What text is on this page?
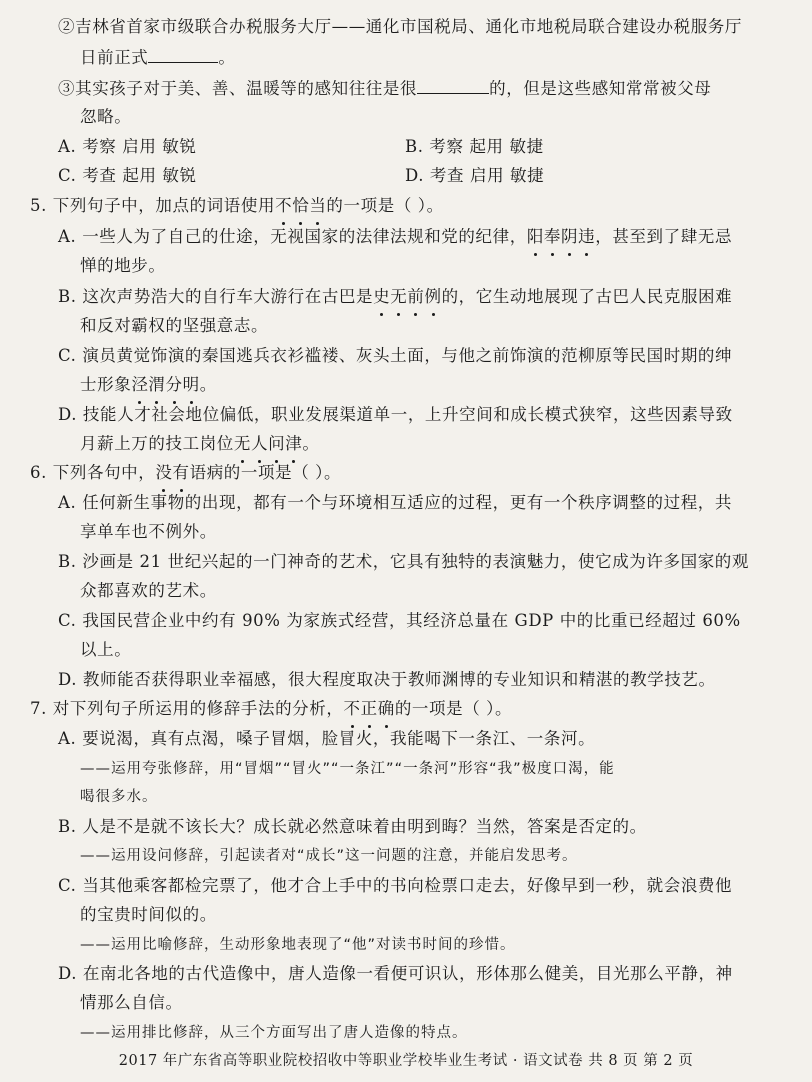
②吉林省首家市级联合办税服务大厅——通化市国税局、通化市地税局联合建设办税服务厅
日前正式	。
③其实孩子对于美、善、温暖等的感知往往是很	的，但是这些感知常常被父母
忽略。
A. 考察 启用 敏锐	B. 考察 起用 敏捷
C. 考查 起用 敏锐	D. 考查 启用 敏捷
5. 下列句子中，加点的词语使用不恰当的一项是（ ）。
A. 一些人为了自己的仕途，无视国家的法律法规和党的纪律，阳奉阴违，甚至到了肆无忌
惮的地步。
B. 这次声势浩大的自行车大游行在古巴是史无前例的，它生动地展现了古巴人民克服困难
和反对霸权的坚强意志。
C. 演员黄觉饰演的秦国逃兵衣衫褴褛、灰头土面，与他之前饰演的范柳原等民国时期的绅
士形象泾渭分明。
D. 技能人才社会地位偏低，职业发展渠道单一，上升空间和成长模式狭窄，这些因素导致
月薪上万的技工岗位无人问津。
6. 下列各句中，没有语病的一项是（ ）。
A. 任何新生事物的出现，都有一个与环境相互适应的过程，更有一个秩序调整的过程，共
享单车也不例外。
B. 沙画是 21 世纪兴起的一门神奇的艺术，它具有独特的表演魅力，使它成为许多国家的观
众都喜欢的艺术。
C. 我国民营企业中约有 90% 为家族式经营，其经济总量在 GDP 中的比重已经超过 60%
以上。
D. 教师能否获得职业幸福感，很大程度取决于教师渊博的专业知识和精湛的教学技艺。
7. 对下列句子所运用的修辞手法的分析，不正确的一项是（ ）。
A. 要说渴，真有点渴，嗓子冒烟，脸冒火，我能喝下一条江、一条河。
——运用夸张修辞，用“冒烟”“冒火”“一条江”“一条河”形容“我”极度口渴，能
喝很多水。
B. 人是不是就不该长大？成长就必然意味着由明到晦？当然，答案是否定的。
——运用设问修辞，引起读者对“成长”这一问题的注意，并能启发思考。
C. 当其他乘客都检完票了，他才合上手中的书向检票口走去，好像早到一秒，就会浪费他
的宝贵时间似的。
——运用比喻修辞，生动形象地表现了“他”对读书时间的珍惜。
D. 在南北各地的古代造像中，唐人造像一看便可识认，形体那么健美，目光那么平静，神
情那么自信。
——运用排比修辞，从三个方面写出了唐人造像的特点。
2017 年广东省高等职业院校招收中等职业学校毕业生考试 · 语文试卷 共 8 页 第 2 页
